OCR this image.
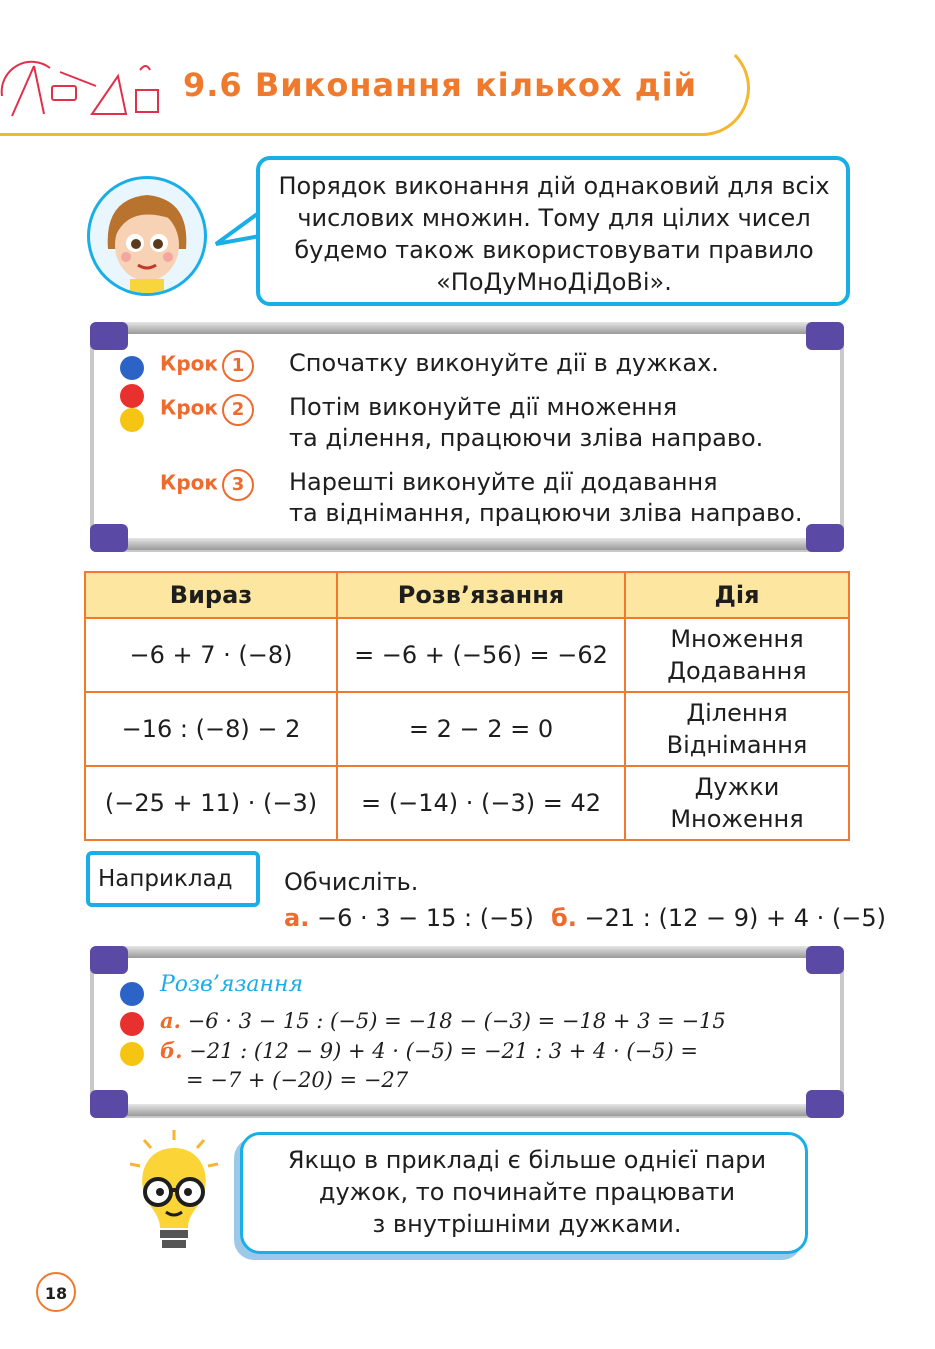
9.6 Виконання кількох дій
Порядок виконання дій однаковий для всіх
числових множин. Тому для цілих чисел
будемо також використовувати правило
«ПоДуМноДіДоВі».
Крок 1	Спочатку виконуйте дії в дужках.
Крок 2	Потім виконуйте дії множення
та ділення, працюючи зліва направо.
Крок 3	Нарешті виконуйте дії додавання
та віднімання, працюючи зліва направо.
Вираз	Розв’язання	Дія
−6 + 7 · (−8)	= −6 + (−56) = −62	Множення
Додавання

−16 : (−8) − 2	= 2 − 2 = 0	Ділення
Віднімання

(−25 + 11) · (−3)	= (−14) · (−3) = 42	Дужки
Множення
Наприклад	Обчисліть.
а. −6 · 3 − 15 : (−5) б. −21 : (12 − 9) + 4 · (−5)
Розв’язання
а. −6 · 3 − 15 : (−5) = −18 − (−3) = −18 + 3 = −15
б. −21 : (12 − 9) + 4 · (−5) = −21 : 3 + 4 · (−5) =
= −7 + (−20) = −27
Якщо в прикладі є більше однієї пари
дужок, то починайте працювати
з внутрішніми дужками.
18
